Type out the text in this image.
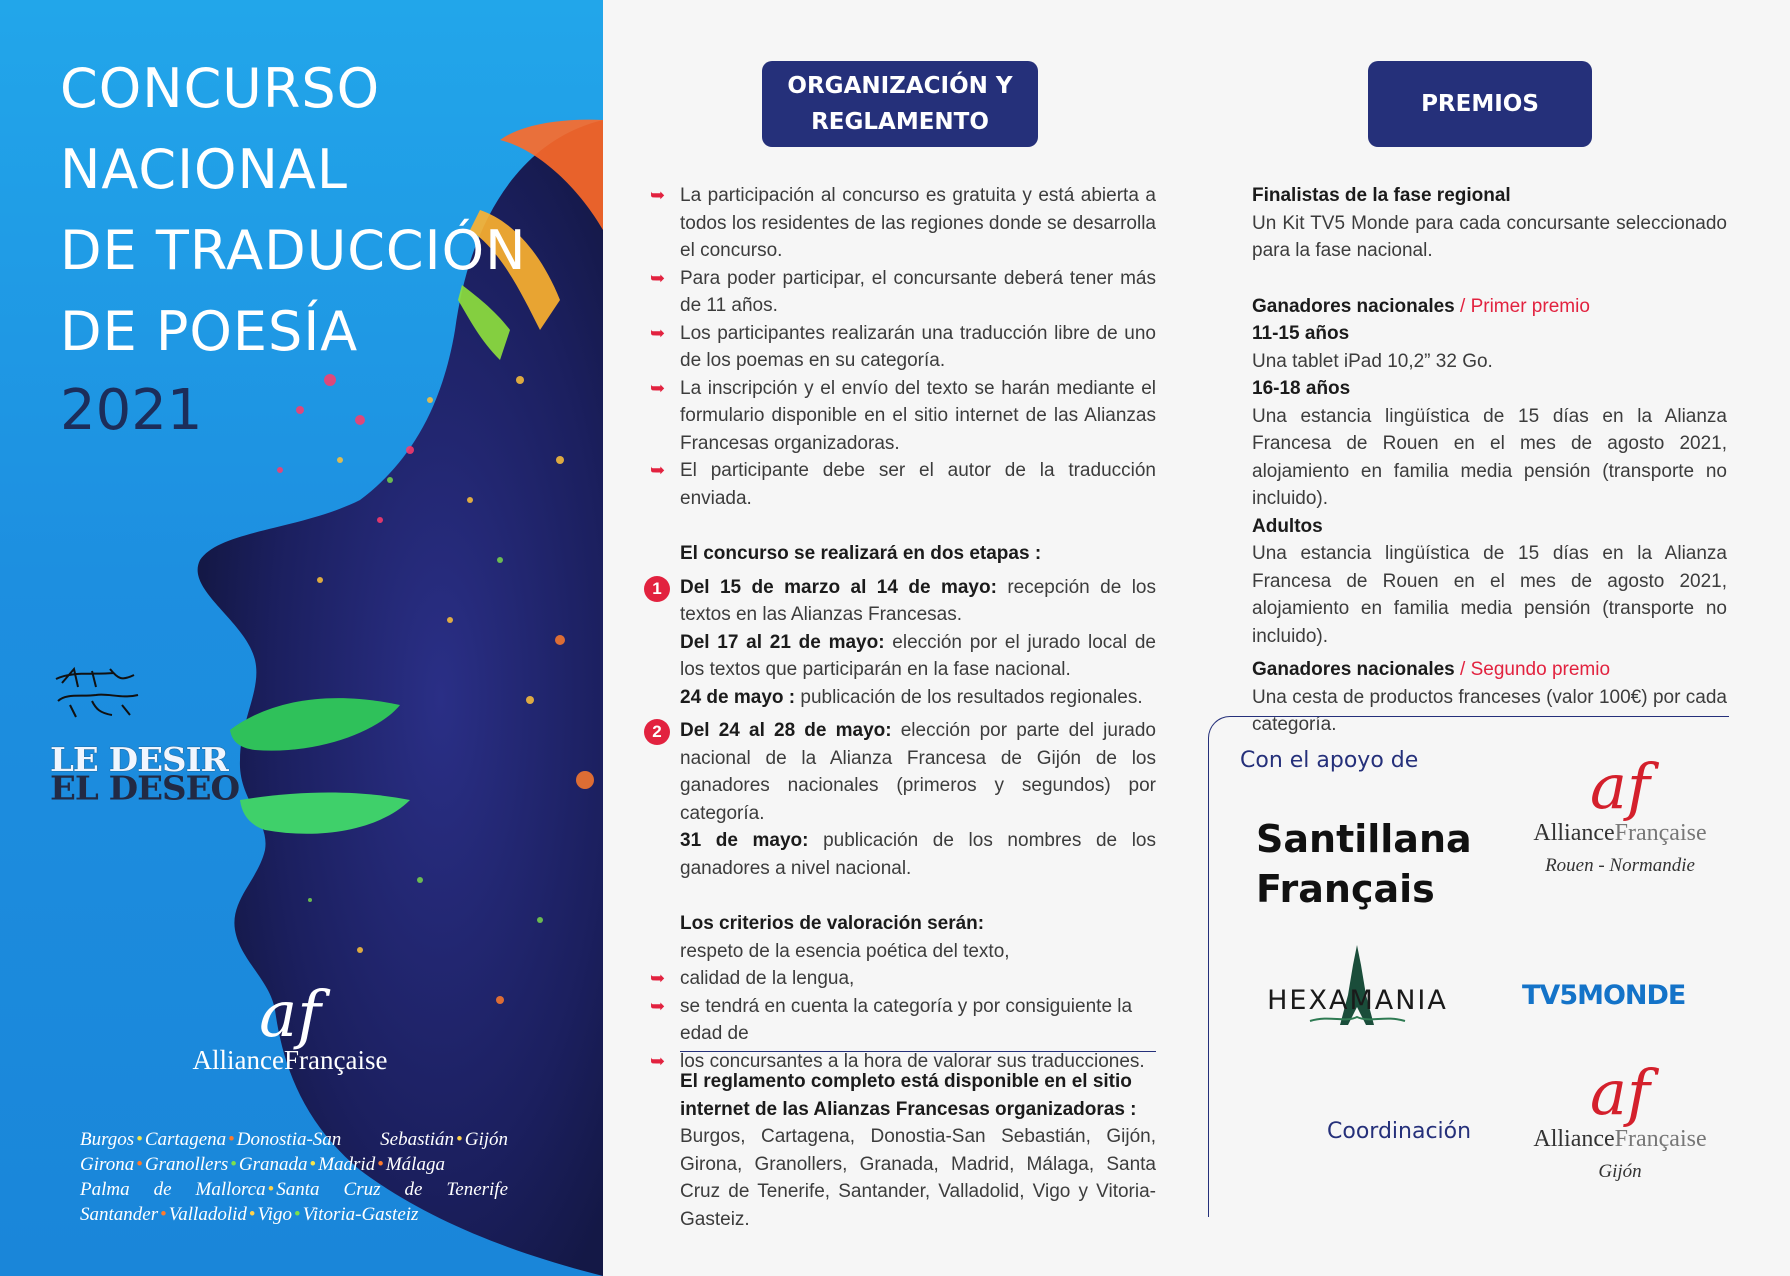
CONCURSO
NACIONAL
DE TRADUCCIÓN
DE POESÍA
2021
LE DESIR
EL DESEO
af
AllianceFrançaise
Burgos • Cartagena • Donostia-San Sebastián • Gijón
Girona • Granollers • Granada • Madrid • Málaga
Palma de Mallorca • Santa Cruz de Tenerife
Santander • Valladolid • Vigo • Vitoria-Gasteiz
ORGANIZACIÓN Y
REGLAMENTO
PREMIOS
➥ La participación al concurso es gratuita y está abierta a todos los residentes de las regiones donde se desarrolla el concurso.
➥ Para poder participar, el concursante deberá tener más de 11 años.
➥ Los participantes realizarán una traducción libre de uno de los poemas en su categoría.
➥ La inscripción y el envío del texto se harán mediante el formulario disponible en el sitio internet de las Alianzas Francesas organizadoras.
➥ El participante debe ser el autor de la traducción enviada.
El concurso se realizará en dos etapas :
1 Del 15 de marzo al 14 de mayo: recepción de los textos en las Alianzas Francesas.
Del 17 al 21 de mayo: elección por el jurado local de los textos que participarán en la fase nacional.
24 de mayo : publicación de los resultados regionales.
2 Del 24 al 28 de mayo: elección por parte del jurado nacional de la Alianza Francesa de Gijón de los ganadores nacionales (primeros y segundos) por categoría.
31 de mayo: publicación de los nombres de los ganadores a nivel nacional.
Los criterios de valoración serán:
respeto de la esencia poética del texto,
➥ calidad de la lengua,
➥ se tendrá en cuenta la categoría y por consiguiente la edad de
➥ los concursantes a la hora de valorar sus traducciones.
El reglamento completo está disponible en el sitio internet de las Alianzas Francesas organizadoras :
Burgos, Cartagena, Donostia-San Sebastián, Gijón, Girona, Granollers, Granada, Madrid, Málaga, Santa Cruz de Tenerife, Santander, Valladolid, Vigo y Vitoria-Gasteiz.
Finalistas de la fase regional
Un Kit TV5 Monde para cada concursante seleccionado para la fase nacional.
Ganadores nacionales / Primer premio
11-15 años
Una tablet iPad 10,2” 32 Go.
16-18 años
Una estancia lingüística de 15 días en la Alianza Francesa de Rouen en el mes de agosto 2021, alojamiento en familia media pensión (transporte no incluido).
Adultos
Una estancia lingüística de 15 días en la Alianza Francesa de Rouen en el mes de agosto 2021, alojamiento en familia media pensión (transporte no incluido).
Ganadores nacionales / Segundo premio
Una cesta de productos franceses (valor 100€) por cada categoría.
Con el apoyo de
Santillana
Français
af
AllianceFrançaise
Rouen - Normandie
HEXAMANIA	TV5MONDE
Coordinación
af
AllianceFrançaise
Gijón
